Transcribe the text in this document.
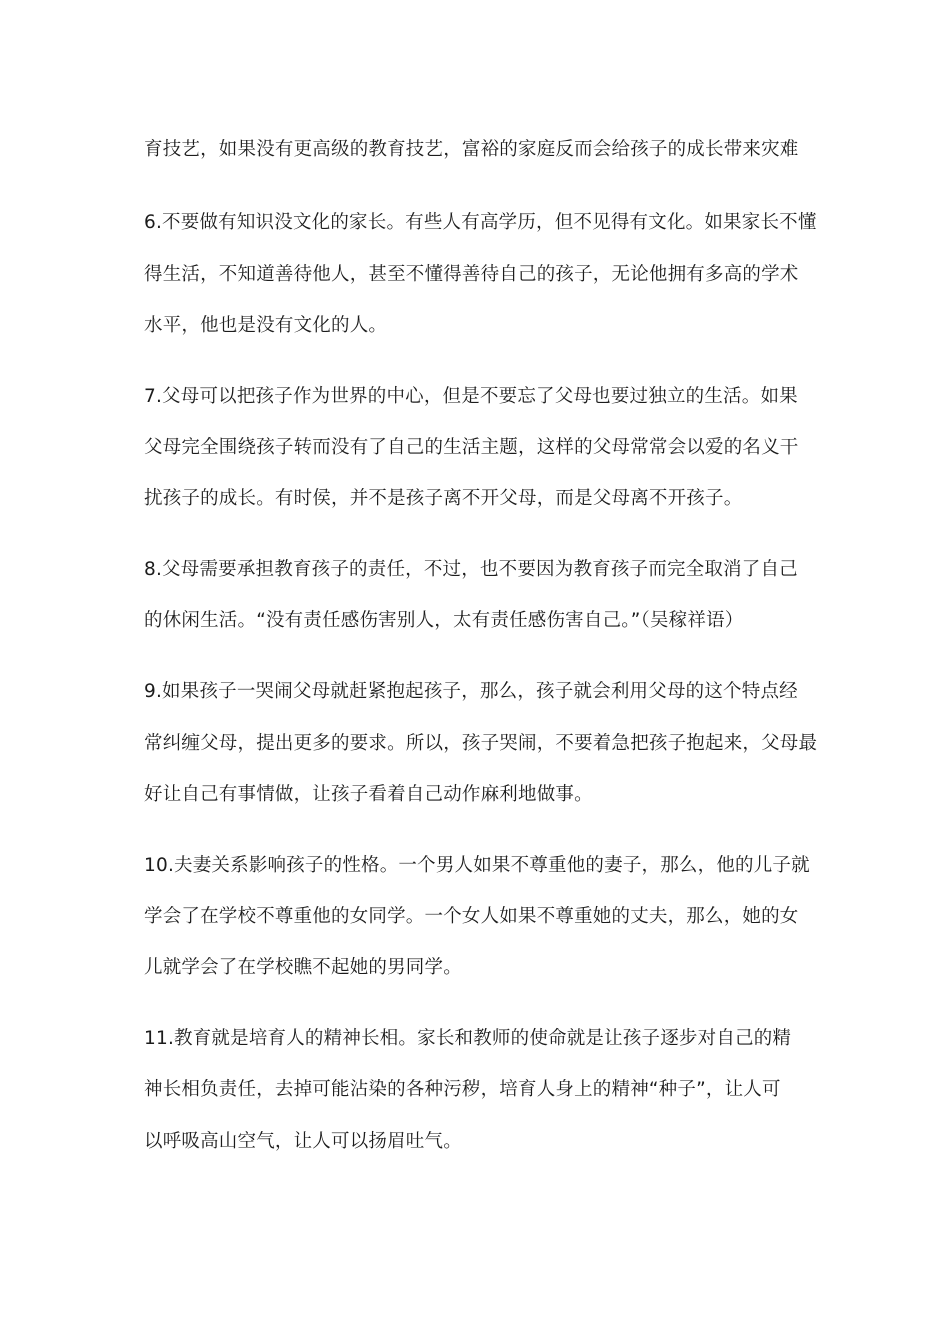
育技艺，如果没有更高级的教育技艺，富裕的家庭反而会给孩子的成长带来灾难
6.不要做有知识没文化的家长。有些人有高学历，但不见得有文化。如果家长不懂
得生活，不知道善待他人，甚至不懂得善待自己的孩子，无论他拥有多高的学术
水平，他也是没有文化的人。
7.父母可以把孩子作为世界的中心，但是不要忘了父母也要过独立的生活。如果
父母完全围绕孩子转而没有了自己的生活主题，这样的父母常常会以爱的名义干
扰孩子的成长。有时侯，并不是孩子离不开父母，而是父母离不开孩子。
8.父母需要承担教育孩子的责任，不过，也不要因为教育孩子而完全取消了自己
的休闲生活。“没有责任感伤害别人，太有责任感伤害自己。”（吴稼祥语）
9.如果孩子一哭闹父母就赶紧抱起孩子，那么，孩子就会利用父母的这个特点经
常纠缠父母，提出更多的要求。所以，孩子哭闹，不要着急把孩子抱起来，父母最
好让自己有事情做，让孩子看着自己动作麻利地做事。
10.夫妻关系影响孩子的性格。一个男人如果不尊重他的妻子，那么，他的儿子就
学会了在学校不尊重他的女同学。一个女人如果不尊重她的丈夫，那么，她的女
儿就学会了在学校瞧不起她的男同学。
11.教育就是培育人的精神长相。家长和教师的使命就是让孩子逐步对自己的精
神长相负责任，去掉可能沾染的各种污秽，培育人身上的精神“种子”，让人可
以呼吸高山空气，让人可以扬眉吐气。
